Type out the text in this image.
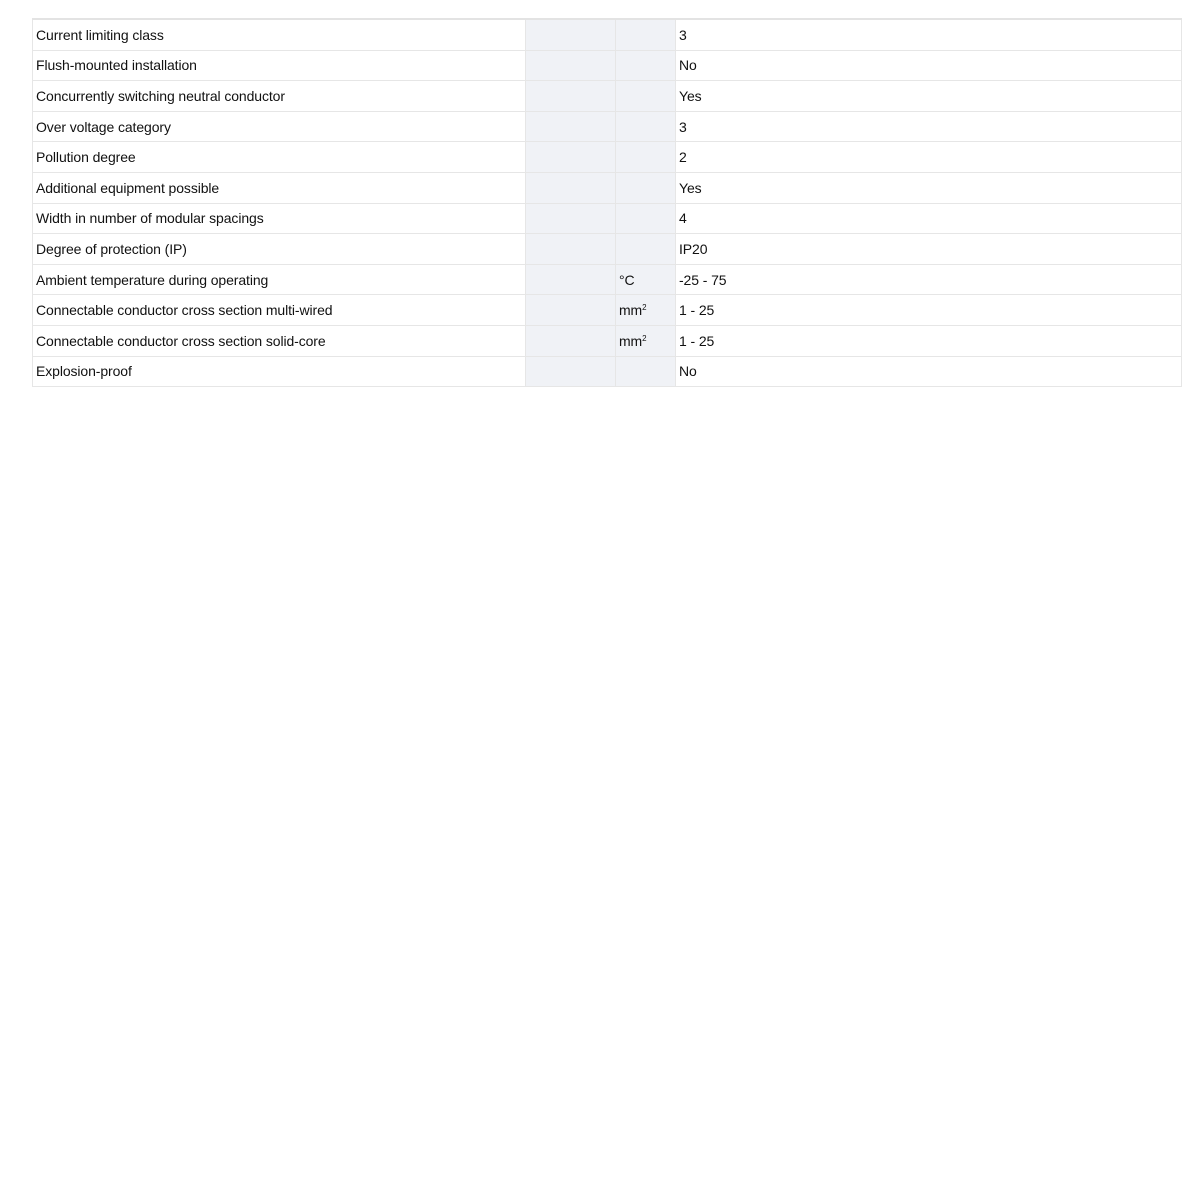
Current limiting class			3
Flush-mounted installation			No
Concurrently switching neutral conductor			Yes
Over voltage category			3
Pollution degree			2
Additional equipment possible			Yes
Width in number of modular spacings			4
Degree of protection (IP)			IP20
Ambient temperature during operating		°C	-25 - 75
Connectable conductor cross section multi-wired		$mm^2$	1 - 25
Connectable conductor cross section solid-core		$mm^2$	1 - 25
Explosion-proof			No
